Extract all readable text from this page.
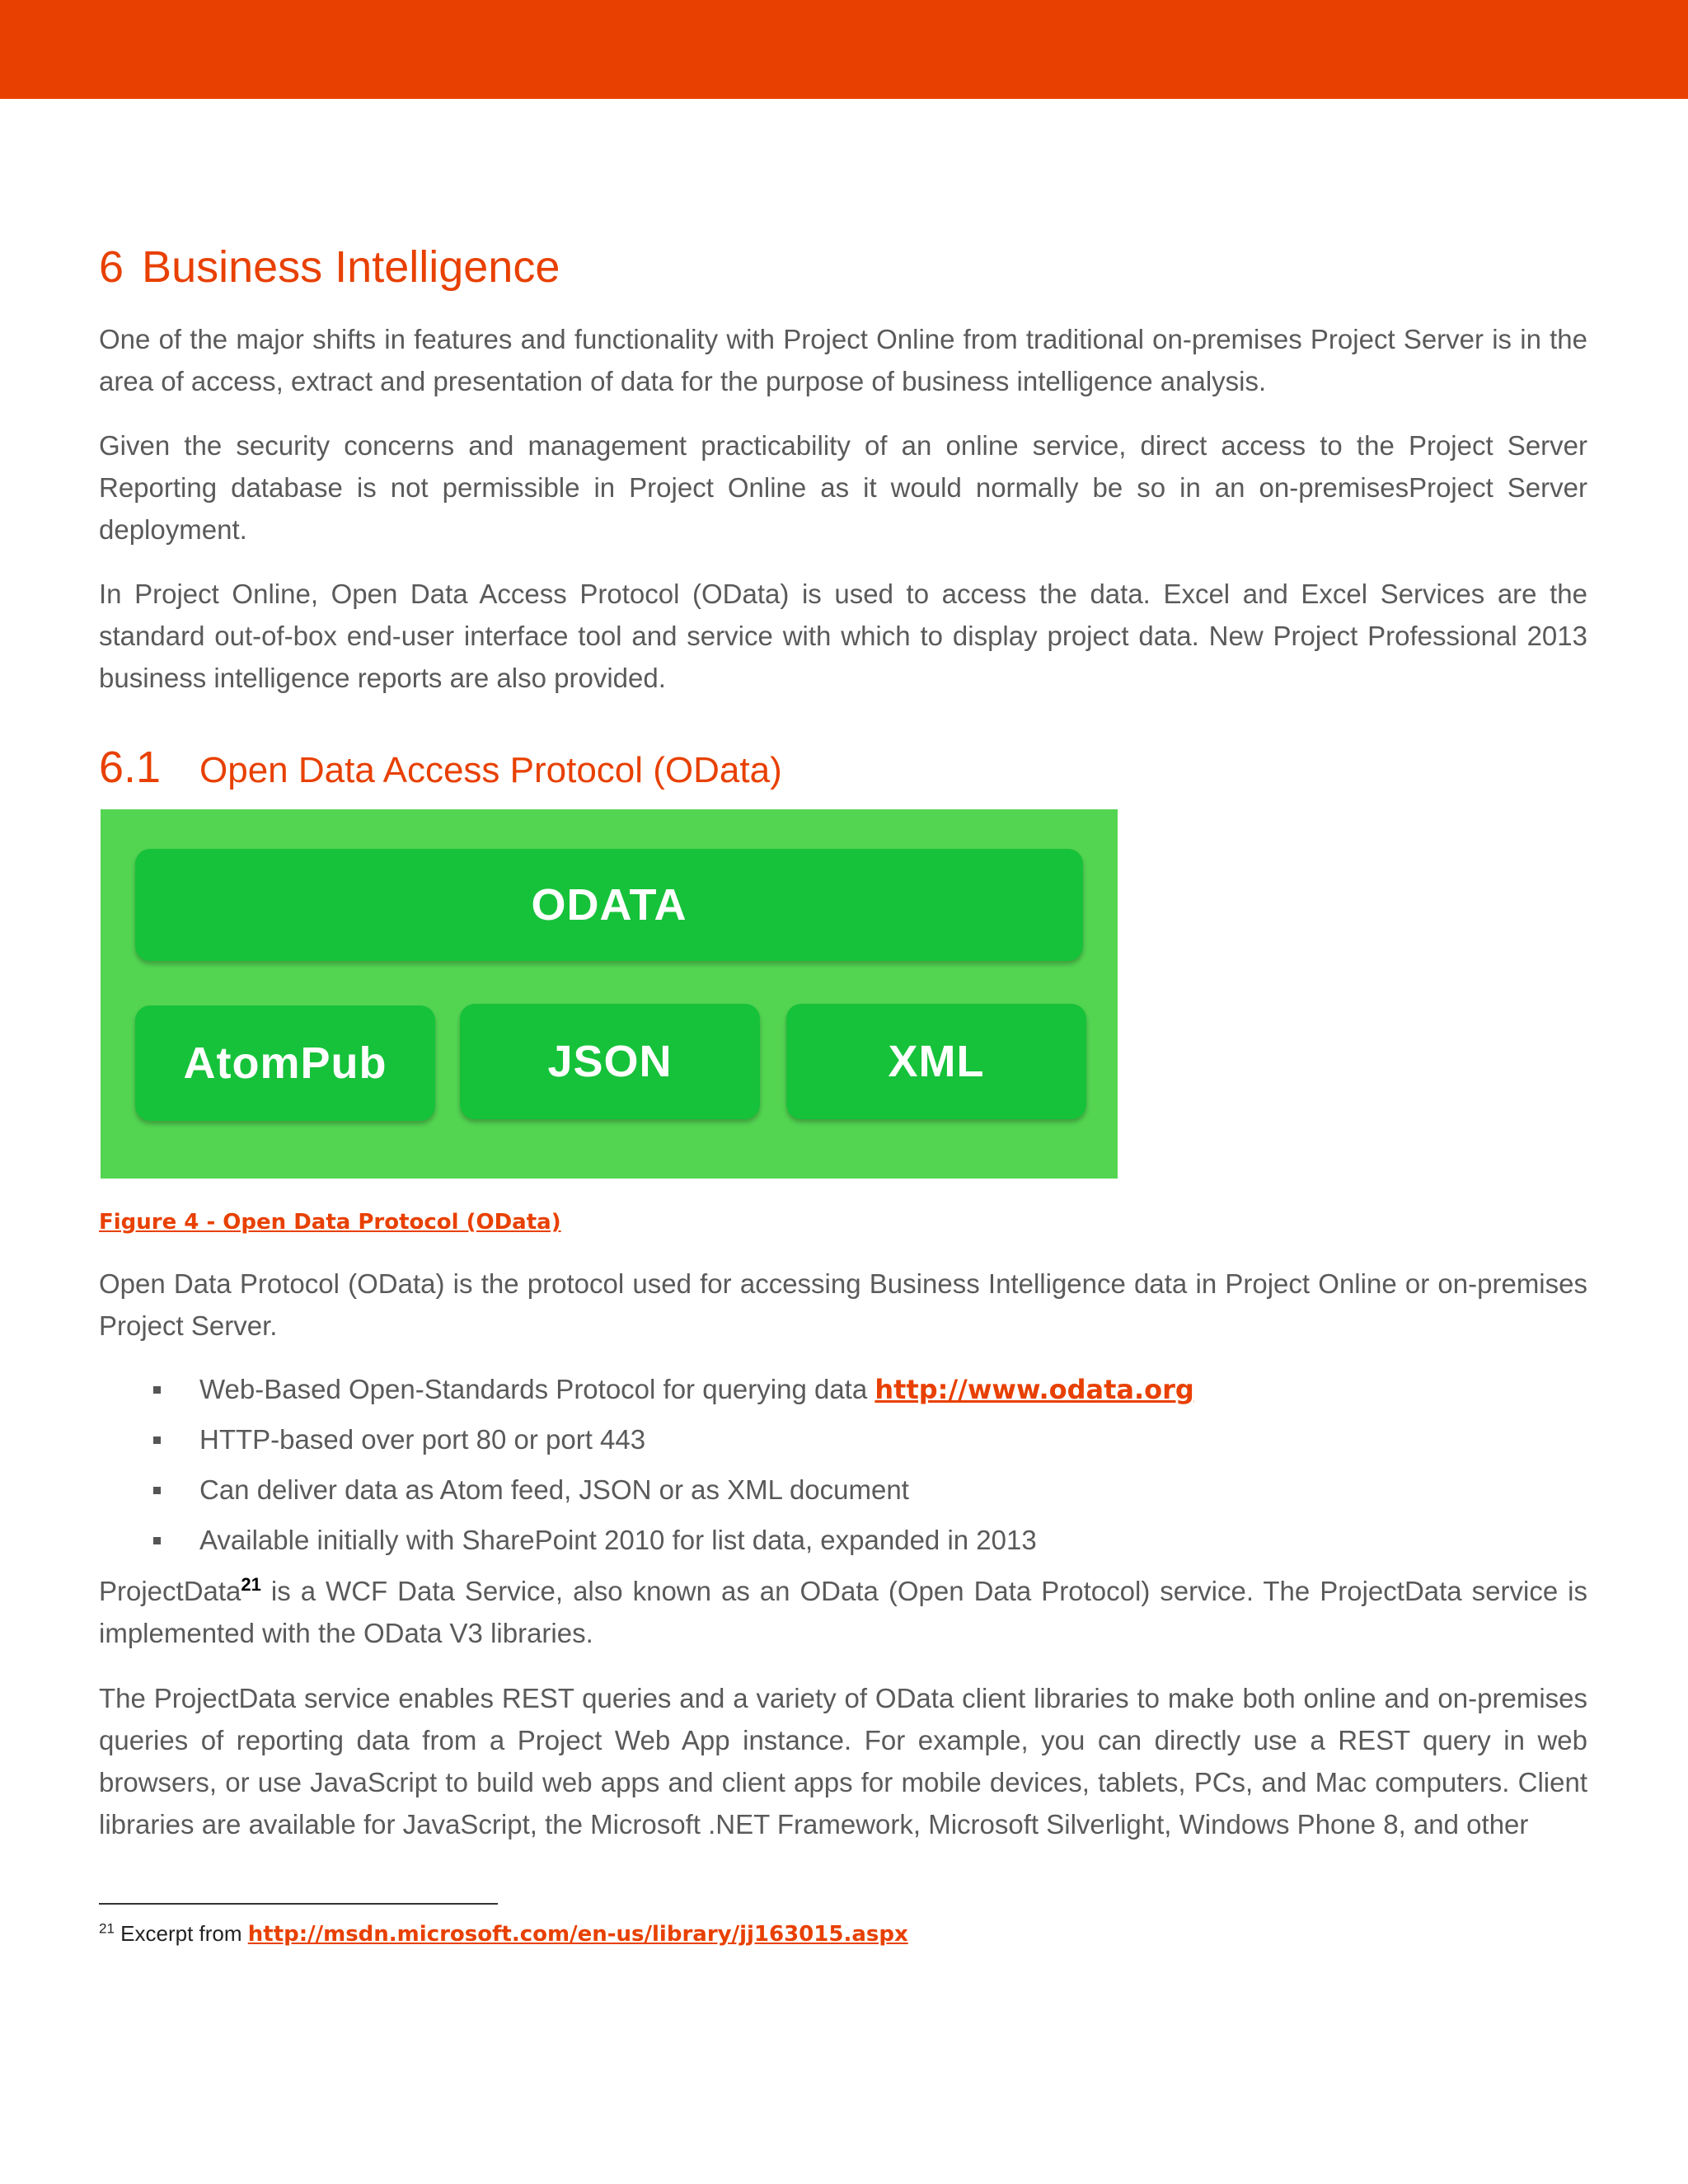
6 Business Intelligence

One of the major shifts in features and functionality with Project Online from traditional on-premises Project Server is in the area of access, extract and presentation of data for the purpose of business intelligence analysis.

Given the security concerns and management practicability of an online service, direct access to the Project Server Reporting database is not permissible in Project Online as it would normally be so in an on-premisesProject Server deployment.

In Project Online, Open Data Access Protocol (OData) is used to access the data. Excel and Excel Services are the standard out-of-box end-user interface tool and service with which to display project data. New Project Professional 2013 business intelligence reports are also provided.

6.1 Open Data Access Protocol (OData)
ODATA
AtomPub	JSON	XML
Figure 4 - Open Data Protocol (OData)

Open Data Protocol (OData) is the protocol used for accessing Business Intelligence data in Project Online or on-premises Project Server.

Web-Based Open-Standards Protocol for querying data http://www.odata.org
HTTP-based over port 80 or port 443
Can deliver data as Atom feed, JSON or as XML document
Available initially with SharePoint 2010 for list data, expanded in 2013

ProjectData$^{21}$ is a WCF Data Service, also known as an OData (Open Data Protocol) service. The ProjectData service is implemented with the OData V3 libraries.

The ProjectData service enables REST queries and a variety of OData client libraries to make both online and on-premises queries of reporting data from a Project Web App instance. For example, you can directly use a REST query in web browsers, or use JavaScript to build web apps and client apps for mobile devices, tablets, PCs, and Mac computers. Client libraries are available for JavaScript, the Microsoft .NET Framework, Microsoft Silverlight, Windows Phone 8, and other

$^{21}$ Excerpt from http://msdn.microsoft.com/en-us/library/jj163015.aspx
